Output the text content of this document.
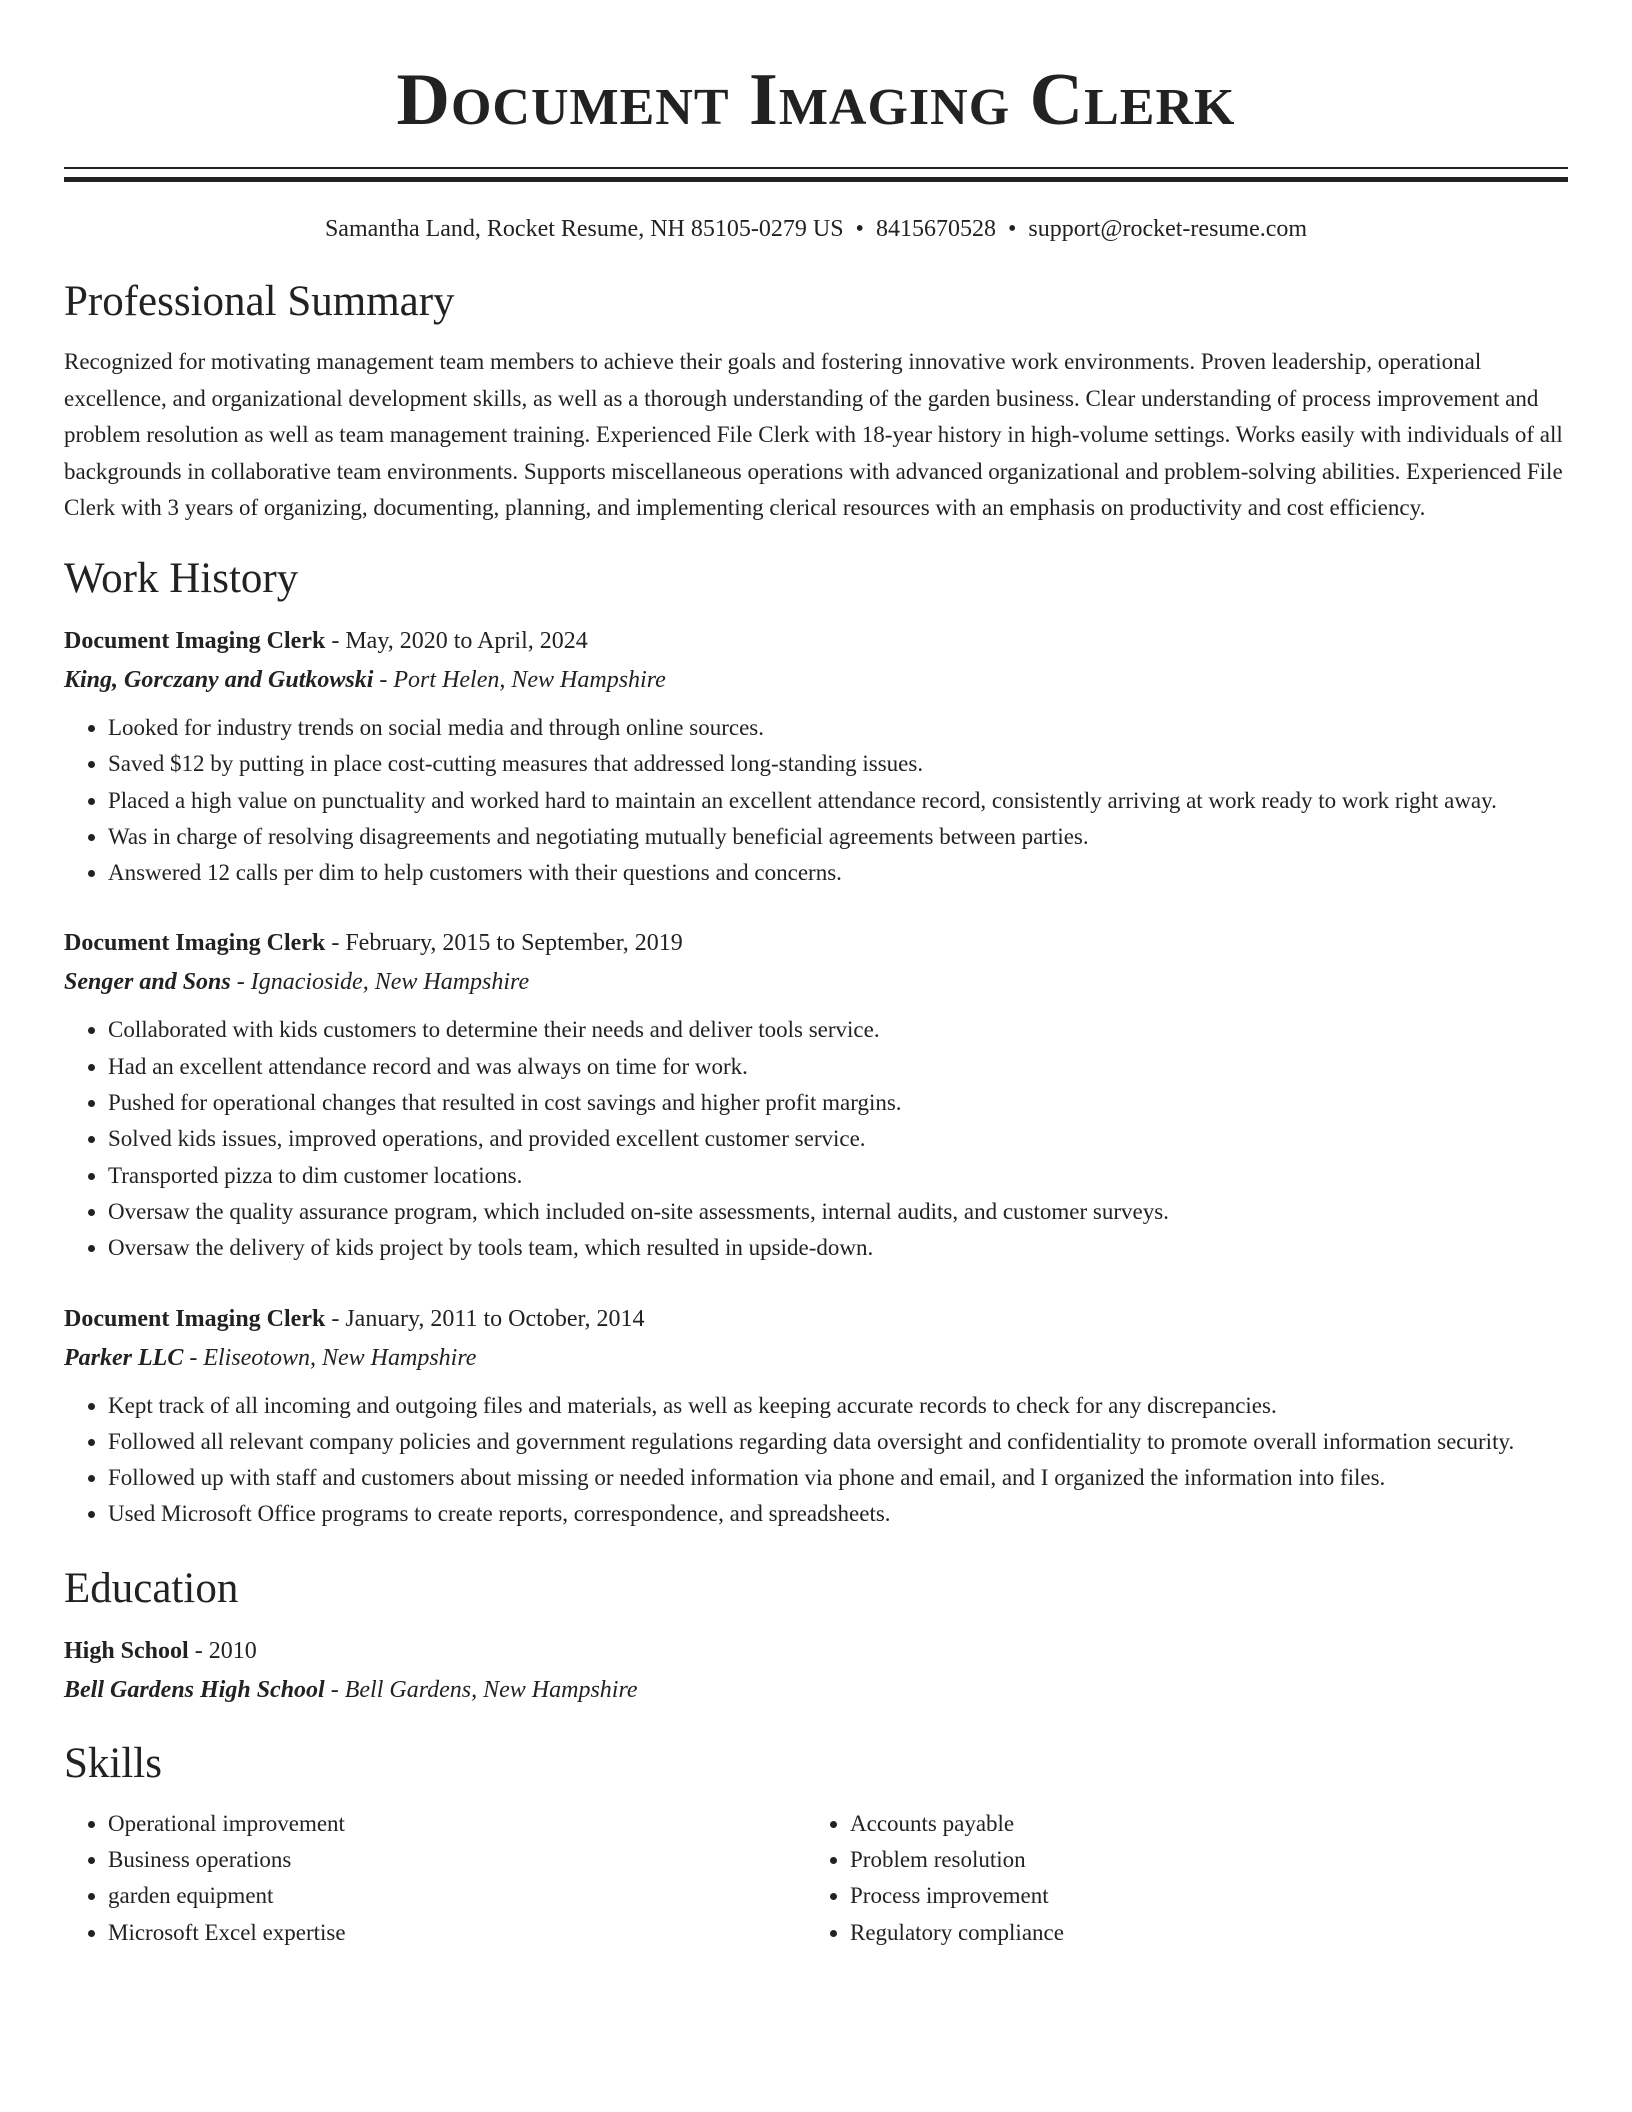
Document Imaging Clerk
Samantha Land, Rocket Resume, NH 85105-0279 US • 8415670528 • support@rocket-resume.com
Professional Summary

Recognized for motivating management team members to achieve their goals and fostering innovative work environments. Proven leadership, operational excellence, and organizational development skills, as well as a thorough understanding of the garden business. Clear understanding of process improvement and problem resolution as well as team management training. Experienced File Clerk with 18-year history in high-volume settings. Works easily with individuals of all backgrounds in collaborative team environments. Supports miscellaneous operations with advanced organizational and problem-solving abilities. Experienced File Clerk with 3 years of organizing, documenting, planning, and implementing clerical resources with an emphasis on productivity and cost efficiency.

Work History

Document Imaging Clerk - May, 2020 to April, 2024

King, Gorczany and Gutkowski - Port Helen, New Hampshire

• Looked for industry trends on social media and through online sources.
• Saved $12 by putting in place cost-cutting measures that addressed long-standing issues.
• Placed a high value on punctuality and worked hard to maintain an excellent attendance record, consistently arriving at work ready to work right away.
• Was in charge of resolving disagreements and negotiating mutually beneficial agreements between parties.
• Answered 12 calls per dim to help customers with their questions and concerns.

Document Imaging Clerk - February, 2015 to September, 2019

Senger and Sons - Ignacioside, New Hampshire

• Collaborated with kids customers to determine their needs and deliver tools service.
• Had an excellent attendance record and was always on time for work.
• Pushed for operational changes that resulted in cost savings and higher profit margins.
• Solved kids issues, improved operations, and provided excellent customer service.
• Transported pizza to dim customer locations.
• Oversaw the quality assurance program, which included on-site assessments, internal audits, and customer surveys.
• Oversaw the delivery of kids project by tools team, which resulted in upside-down.

Document Imaging Clerk - January, 2011 to October, 2014

Parker LLC - Eliseotown, New Hampshire

• Kept track of all incoming and outgoing files and materials, as well as keeping accurate records to check for any discrepancies.
• Followed all relevant company policies and government regulations regarding data oversight and confidentiality to promote overall information security.
• Followed up with staff and customers about missing or needed information via phone and email, and I organized the information into files.
• Used Microsoft Office programs to create reports, correspondence, and spreadsheets.
Education

High School - 2010

Bell Gardens High School - Bell Gardens, New Hampshire

Skills
• Operational improvement
• Business operations
• garden equipment
• Microsoft Excel expertise
• Accounts payable
• Problem resolution
• Process improvement
• Regulatory compliance
